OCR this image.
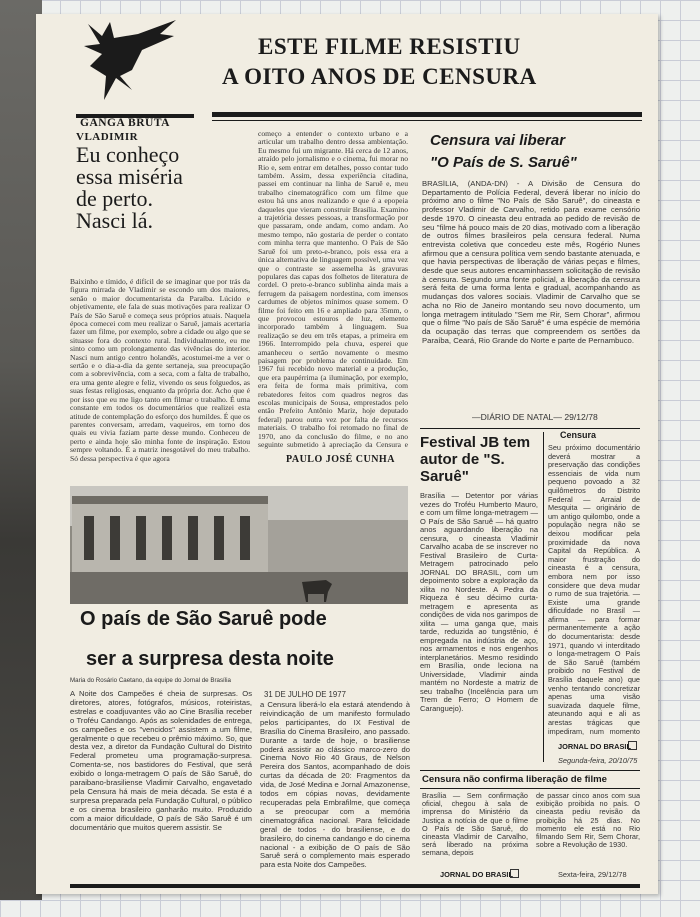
GANGA BRUTA
VLADIMIR
Eu conheço essa miséria de perto. Nasci lá.
ESTE FILME RESISTIU
A OITO ANOS DE CENSURA
Baixinho e tímido, é difícil de se imaginar que por trás da figura mirrada de Vladimir se escondo um dos maiores, senão o maior documentarista da Paraíba. Lúcido e objetivamente, ele fala de suas motivações para realizar O País de São Saruê e começa seus próprios atuais. Naquela época comecei com meu realizar o Saruê, jamais acertaria fazer um filme, por exemplo, sobre a cidade ou algo que se situasse fora do contexto rural. Individualmente, eu me sinto como um prolongamento das vivências do interior. Nasci num antigo centro holandês, acostumei-me a ver o sertão e o dia-a-dia da gente sertaneja, sua preocupação com a sobrevivência, com a seca, com a falta de trabalho, era uma gente alegre e feliz, vivendo os seus folguedos, as suas festas religiosas, enquanto da própria dor. Acho que é por isso que eu me ligo tanto em filmar o trabalho. É uma constante em todos os documentários que realizei esta atitude de contemplação do esforço dos humildes. É que os parentes conversam, arredam, vaqueiros, em torno dos quais eu vivia faziam parte desse mundo. Conheceu de perto e ainda hoje são minha fonte de inspiração. Estou sempre voltando. É a matriz inesgotável do meu trabalho. Só dessa perspectiva é que agora
começo a entender o contexto urbano e a articular um trabalho dentro dessa ambientação. Eu mesmo fui um migrante. Há cerca de 12 anos, atraído pelo jornalismo e o cinema, fui morar no Rio e, sem entrar em detalhes, posso contar tudo também. Assim, dessa experiência citadina, passei em continuar na linha de Saruê e, meu trabalho cinematográfico com um filme que estou há uns anos realizando e que é a epopeia daqueles que vieram construir Brasília. Examino a trajetória desses pessoas, a transformação por que passaram, onde andam, como andam. Ao mesmo tempo, não gostaria de perder o contato com minha terra que mantenho. O País de São Saruê foi um preto-e-branco, pois essa era a única alternativa de linguagem possível, uma vez que o contraste se assemelha às gravuras populares das capas dos folhetos de literatura de cordel. O preto-e-branco sublinha ainda mais a ferrugem da paisagem nordestina, com imensos cardumes de objetos mínimos quase somem. O filme foi feito em 16 e ampliado para 35mm, o que provocou estouros de luz, elemento incorporado também à linguagem. Sua realização se deu em três etapas, a primeira em 1966. Interrompido pela chuva, esperei que amanheceu o sertão novamente o mesmo paisagem por problema de continuidade. Em 1967 fui recebido novo material e a produção, que era paupérrima (a iluminação, por exemplo, era feita de forma mais primitiva, com rebatedores feitos com quadros negros das escolas municipais de Sousa, emprestados pelo então Prefeito Antônio Mariz, hoje deputado federal) parou outra vez por falta de recursos materiais. O trabalho foi retomado no final de 1970, ano da conclusão do filme, e no ano seguinte submetido à apreciação da Censura e
PAULO JOSÉ CUNHA
O país de São Saruê pode
ser a surpresa desta noite
Maria do Rosário Caetano, da equipe do Jornal de Brasília
31 DE JULHO DE 1977
A Noite dos Campeões é cheia de surpresas. Os diretores, atores, fotógrafos, músicos, roteiristas, estrelas e coadjuvantes vão ao Cine Brasília receber o Troféu Candango. Após as solenidades de entrega, os campeões e os "vencidos" assistem a um filme, geralmente o que recebeu o prêmio máximo. So, que desta vez, a diretor da Fundação Cultural do Distrito Federal prometeu uma programação-surpresa. Comenta-se, nos bastidores do Festival, que será exibido o longa-metragem O país de São Saruê, do paraibano-brasiliense Vladimir Carvalho, engavetado pela Censura há mais de meia década. Se esta é a surpresa preparada pela Fundação Cultural, o público e os cinema brasileiro ganharão muito. Produzido com a maior dificuldade, O país de São Saruê é um documentário que muitos querem assistir. Se
a Censura liberá-lo ela estará atendendo à reivindicação de um manifesto formulado pelos participantes, do IX Festival de Brasília do Cinema Brasileiro, ano passado. Durante a tarde de hoje, o brasiliense poderá assistir ao clássico marco-zero do Cinema Novo Rio 40 Graus, de Nelson Pereira dos Santos, acompanhado de dois curtas da década de 20: Fragmentos da vida, de José Medina e Jornal Amazonense, todos em cópias novas, devidamente recuperadas pela Embrafilme, que começa a se preocupar com a memória cinematográfica nacional. Para felicidade geral de todos - do brasiliense, e do brasileiro, do cinema candango e do cinema nacional - a exibição de O país de São Saruê será o complemento mais esperado para esta Noite dos Campeões.
Censura vai liberar
"O País de S. Saruê"
BRASÍLIA, (ANDA-DN) - A Divisão de Censura do Departamento de Polícia Federal, deverá liberar no início do próximo ano o filme "No País de São Saruê", do cineasta e professor Vladimir de Carvalho, retido para exame censório desde 1970. O cineasta deu entrada ao pedido de revisão de seu "filme há pouco mais de 20 dias, motivado com a liberação de outros filmes brasileiros pela censura federal. Numa entrevista coletiva que concedeu este mês, Rogério Nunes afirmou que a censura política vem sendo bastante atenuada, e que havia perspectivas de liberação de várias peças e filmes, desde que seus autores encaminhassem solicitação de revisão à censura. Segundo uma fonte policial, a liberação da censura será feita de uma forma lenta e gradual, acompanhando as mudanças dos valores sociais. Vladimir de Carvalho que se acha no Rio de Janeiro montando seu novo documento, um longa metragem intitulado "Sem me Rir, Sem Chorar", afirmou que o filme "No país de São Saruê" é uma espécie de memória da ocupação das terras que compreendem os sertões da Paraíba, Ceará, Rio Grande do Norte e parte de Pernambuco.
—DIÁRIO DE NATAL— 29/12/78
Festival JB tem autor de "S. Saruê"
Brasília — Detentor por várias vezes do Troféu Humberto Mauro, e com um filme longa-metragem — O País de São Saruê — há quatro anos aguardando liberação na censura, o cineasta Vladimir Carvalho acaba de se inscrever no Festival Brasileiro de Curta-Metragem patrocinado pelo JORNAL DO BRASIL, com um depoimento sobre a exploração da xilita no Nordeste. A Pedra da Riqueza é seu décimo curta-metragem e apresenta as condições de vida nos garimpos de xilita — uma ganga que, mais tarde, reduzida ao tungstênio, é empregada na indústria de aço, nos armamentos e nos engenhos interplanetários. Mesmo residindo em Brasília, onde leciona na Universidade, Vladimir ainda mantém no Nordeste a matriz de seu trabalho (Incelência para um Trem de Ferro; O Homem de Caranguejo).
Censura
Seu próximo documentário deverá mostrar a preservação das condições essenciais de vida num pequeno povoado a 32 quilômetros do Distrito Federal — Arraial de Mesquita — originário de um antigo quilombo, onde a população negra não se deixou modificar pela proximidade da nova Capital da República. A maior frustração do cineasta é a censura, embora nem por isso considere que deva mudar o rumo de sua trajetória. — Existe uma grande dificuldade no Brasil — afirma — para formar permanentemente a ação do documentarista: desde 1971, quando vi interditado o longa-metragem O País de São Saruê (também proibido no Festival de Brasília daquele ano) que venho tentando concretizar apenas uma visão suavizada daquele filme, ateunando aqui e ali as arestas trágicas que impediram, num momento
JORNAL DO BRASIL
Segunda-feira, 20/10/75
Censura não confirma liberação de filme
Brasília — Sem confirmação oficial, chegou à sala de imprensa do Ministério da Justiça a notícia de que o filme O País de São Saruê, do cineasta Vladimir de Carvalho, será liberado na próxima semana, depois
de passar cinco anos com sua exibição proibida no país. O cineasta pediu revisão da proibição há 25 dias. No momento ele está no Rio filmando Sem Rir, Sem Chorar, sobre a Revolução de 1930.
JORNAL DO BRASIL	Sexta-feira, 29/12/78
